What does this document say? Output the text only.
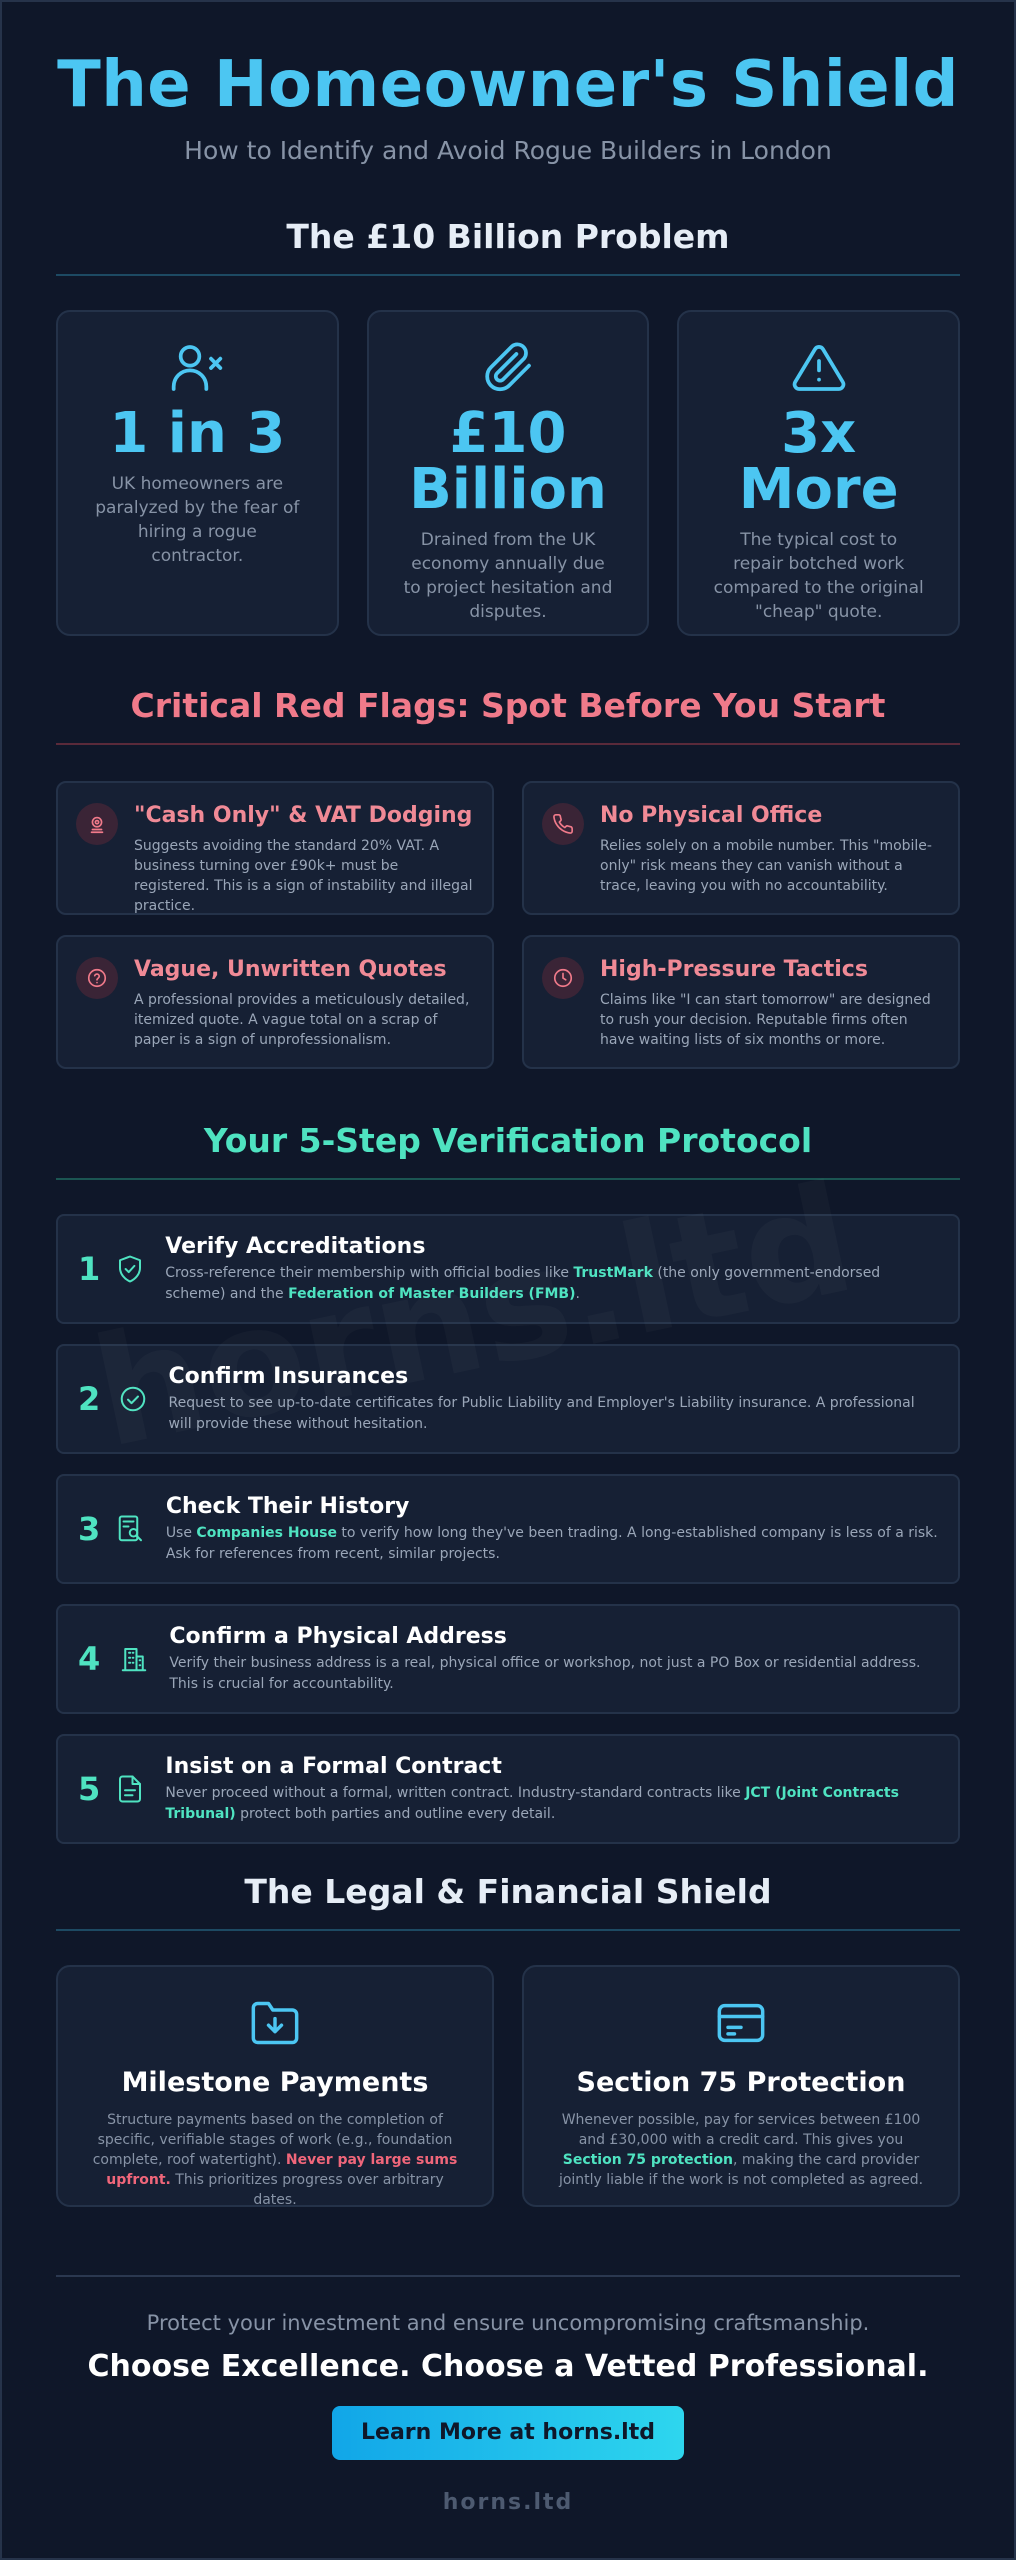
The Homeowner's Shield
How to Identify and Avoid Rogue Builders in London
The £10 Billion Problem
1 in 3
UK homeowners are paralyzed by the fear of hiring a rogue contractor.
£10 Billion
Drained from the UK economy annually due to project hesitation and disputes.
3x More
The typical cost to repair botched work compared to the original "cheap" quote.
Critical Red Flags: Spot Before You Start
"Cash Only" & VAT Dodging
Suggests avoiding the standard 20% VAT. A business turning over £90k+ must be registered. This is a sign of instability and illegal practice.
No Physical Office
Relies solely on a mobile number. This "mobile-only" risk means they can vanish without a trace, leaving you with no accountability.
Vague, Unwritten Quotes
A professional provides a meticulously detailed, itemized quote. A vague total on a scrap of paper is a sign of unprofessionalism.
High-Pressure Tactics
Claims like "I can start tomorrow" are designed to rush your decision. Reputable firms often have waiting lists of six months or more.
Your 5-Step Verification Protocol
1
Verify Accreditations
Cross-reference their membership with official bodies like TrustMark (the only government-endorsed scheme) and the Federation of Master Builders (FMB).
2
Confirm Insurances
Request to see up-to-date certificates for Public Liability and Employer's Liability insurance. A professional will provide these without hesitation.
3
Check Their History
Use Companies House to verify how long they've been trading. A long-established company is less of a risk. Ask for references from recent, similar projects.
4
Confirm a Physical Address
Verify their business address is a real, physical office or workshop, not just a PO Box or residential address. This is crucial for accountability.
5
Insist on a Formal Contract
Never proceed without a formal, written contract. Industry-standard contracts like JCT (Joint Contracts Tribunal) protect both parties and outline every detail.
The Legal & Financial Shield
Milestone Payments
Structure payments based on the completion of specific, verifiable stages of work (e.g., foundation complete, roof watertight). Never pay large sums upfront. This prioritizes progress over arbitrary dates.
Section 75 Protection
Whenever possible, pay for services between £100 and £30,000 with a credit card. This gives you Section 75 protection, making the card provider jointly liable if the work is not completed as agreed.
Protect your investment and ensure uncompromising craftsmanship.
Choose Excellence. Choose a Vetted Professional.
Learn More at horns.ltd
horns.ltd
